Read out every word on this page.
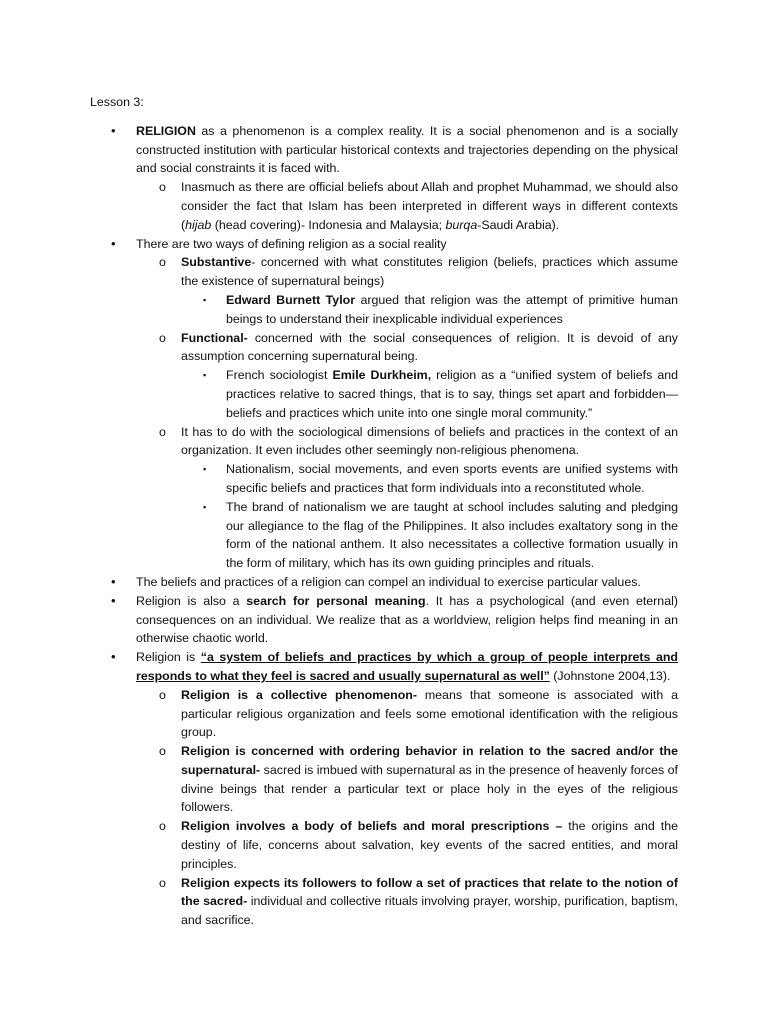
Lesson 3:
• RELIGION as a phenomenon is a complex reality. It is a social phenomenon and is a socially constructed institution with particular historical contexts and trajectories depending on the physical and social constraints it is faced with.
o Inasmuch as there are official beliefs about Allah and prophet Muhammad, we should also consider the fact that Islam has been interpreted in different ways in different contexts (hijab (head covering)- Indonesia and Malaysia; burqa-Saudi Arabia).
• There are two ways of defining religion as a social reality
o Substantive- concerned with what constitutes religion (beliefs, practices which assume the existence of supernatural beings)
▪ Edward Burnett Tylor argued that religion was the attempt of primitive human beings to understand their inexplicable individual experiences
o Functional- concerned with the social consequences of religion. It is devoid of any assumption concerning supernatural being.
▪ French sociologist Emile Durkheim, religion as a “unified system of beliefs and practices relative to sacred things, that is to say, things set apart and forbidden—beliefs and practices which unite into one single moral community.”
o It has to do with the sociological dimensions of beliefs and practices in the context of an organization. It even includes other seemingly non-religious phenomena.
▪ Nationalism, social movements, and even sports events are unified systems with specific beliefs and practices that form individuals into a reconstituted whole.
▪ The brand of nationalism we are taught at school includes saluting and pledging our allegiance to the flag of the Philippines. It also includes exaltatory song in the form of the national anthem. It also necessitates a collective formation usually in the form of military, which has its own guiding principles and rituals.
• The beliefs and practices of a religion can compel an individual to exercise particular values.
• Religion is also a search for personal meaning. It has a psychological (and even eternal) consequences on an individual. We realize that as a worldview, religion helps find meaning in an otherwise chaotic world.
• Religion is “a system of beliefs and practices by which a group of people interprets and responds to what they feel is sacred and usually supernatural as well” (Johnstone 2004,13).
o Religion is a collective phenomenon- means that someone is associated with a particular religious organization and feels some emotional identification with the religious group.
o Religion is concerned with ordering behavior in relation to the sacred and/or the supernatural- sacred is imbued with supernatural as in the presence of heavenly forces of divine beings that render a particular text or place holy in the eyes of the religious followers.
o Religion involves a body of beliefs and moral prescriptions – the origins and the destiny of life, concerns about salvation, key events of the sacred entities, and moral principles.
o Religion expects its followers to follow a set of practices that relate to the notion of the sacred- individual and collective rituals involving prayer, worship, purification, baptism, and sacrifice.
